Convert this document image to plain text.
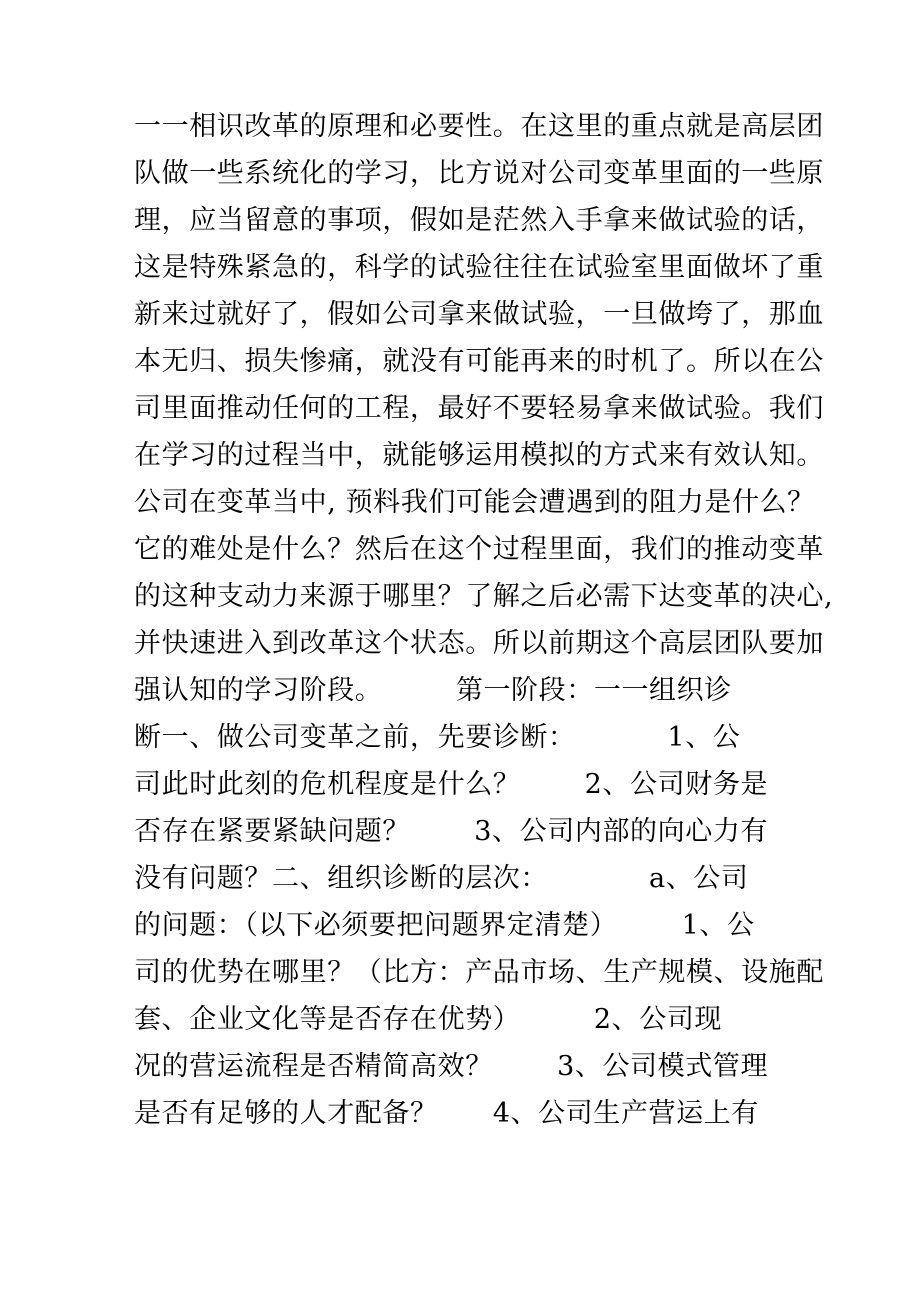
一一相识改革的原理和必要性。在这里的重点就是高层团
队做一些系统化的学习，比方说对公司变革里面的一些原
理，应当留意的事项，假如是茫然入手拿来做试验的话，
这是特殊紧急的，科学的试验往往在试验室里面做坏了重
新来过就好了，假如公司拿来做试验，一旦做垮了，那血
本无归、损失惨痛，就没有可能再来的时机了。所以在公
司里面推动任何的工程，最好不要轻易拿来做试验。我们
在学习的过程当中，就能够运用模拟的方式来有效认知。
公司在变革当中, 预料我们可能会遭遇到的阻力是什么？
它的难处是什么？然后在这个过程里面，我们的推动变革
的这种支动力来源于哪里？了解之后必需下达变革的决心,
并快速进入到改革这个状态。所以前期这个高层团队要加
强认知的学习阶段。        第一阶段：一一组织诊
断一、做公司变革之前，先要诊断：          1、公
司此时此刻的危机程度是什么？       2、公司财务是
否存在紧要紧缺问题？       3、公司内部的向心力有
没有问题？二、组织诊断的层次：           a、公司
的问题：（以下必须要把问题界定清楚）       1、公
司的优势在哪里？（比方：产品市场、生产规模、设施配
套、企业文化等是否存在优势）        2、公司现
况的营运流程是否精简高效？       3、公司模式管理
是否有足够的人才配备？      4、公司生产营运上有
